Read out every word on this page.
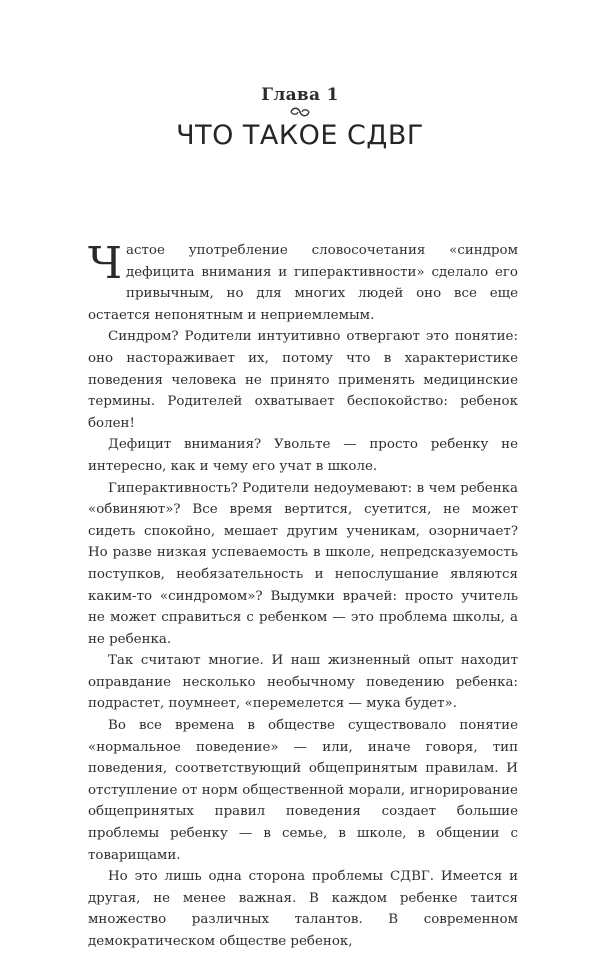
Глава 1
ЧТО ТАКОЕ СДВГ

Частое употребление словосочетания «синдром дефицита внимания и гиперактивности» сделало его привычным, но для многих людей оно все еще остается непонятным и неприемлемым.

Синдром? Родители интуитивно отвергают это понятие: оно настораживает их, потому что в характеристике поведения человека не принято применять медицинские термины. Родителей охватывает беспокойство: ребенок болен!

Дефицит внимания? Увольте — просто ребенку не интересно, как и чему его учат в школе.

Гиперактивность? Родители недоумевают: в чем ребенка «обвиняют»? Все время вертится, суетится, не может сидеть спокойно, мешает другим ученикам, озорничает? Но разве низкая успеваемость в школе, непредсказуемость поступков, необязательность и непослушание являются каким-то «синдромом»? Выдумки врачей: просто учитель не может справиться с ребенком — это проблема школы, а не ребенка.

Так считают многие. И наш жизненный опыт находит оправдание несколько необычному поведению ребенка: подрастет, поумнеет, «перемелется — мука будет».

Во все времена в обществе существовало понятие «нормальное поведение» — или, иначе говоря, тип поведения, соответствующий общепринятым правилам. И отступление от норм общественной морали, игнорирование общепринятых правил поведения создает большие проблемы ребенку — в семье, в школе, в общении с товарищами.

Но это лишь одна сторона проблемы СДВГ. Имеется и другая, не менее важная. В каждом ребенке таится множество различных талантов. В современном демократическом обществе ребенок,
